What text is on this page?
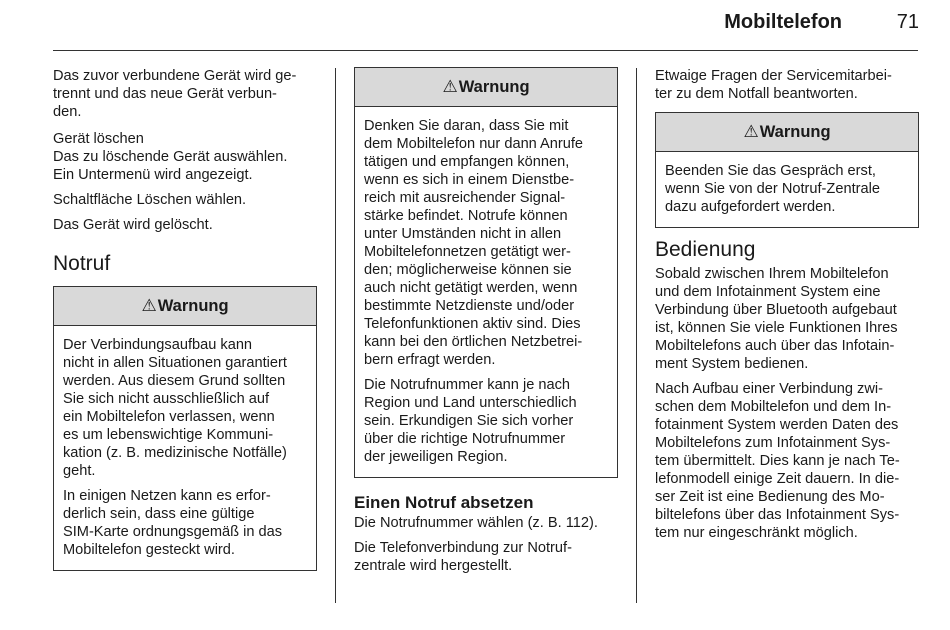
Mobiltelefon	71

Das zuvor verbundene Gerät wird ge-
trennt und das neue Gerät verbun-
den.

Gerät löschen

Das zu löschende Gerät auswählen.
Ein Untermenü wird angezeigt.

Schaltfläche Löschen wählen.

Das Gerät wird gelöscht.

Notruf
⚠Warnung

Der Verbindungsaufbau kann
nicht in allen Situationen garantiert
werden. Aus diesem Grund sollten
Sie sich nicht ausschließlich auf
ein Mobiltelefon verlassen, wenn
es um lebenswichtige Kommuni-
kation (z. B. medizinische Notfälle)
geht.

In einigen Netzen kann es erfor-
derlich sein, dass eine gültige
SIM-Karte ordnungsgemäß in das
Mobiltelefon gesteckt wird.

⚠Warnung

Denken Sie daran, dass Sie mit
dem Mobiltelefon nur dann Anrufe
tätigen und empfangen können,
wenn es sich in einem Dienstbe-
reich mit ausreichender Signal-
stärke befindet. Notrufe können
unter Umständen nicht in allen
Mobiltelefonnetzen getätigt wer-
den; möglicherweise können sie
auch nicht getätigt werden, wenn
bestimmte Netzdienste und/oder
Telefonfunktionen aktiv sind. Dies
kann bei den örtlichen Netzbetrei-
bern erfragt werden.

Die Notrufnummer kann je nach
Region und Land unterschiedlich
sein. Erkundigen Sie sich vorher
über die richtige Notrufnummer
der jeweiligen Region.

Einen Notruf absetzen

Die Notrufnummer wählen (z. B. 112).

Die Telefonverbindung zur Notruf-
zentrale wird hergestellt.

Etwaige Fragen der Servicemitarbei-
ter zu dem Notfall beantworten.

⚠Warnung

Beenden Sie das Gespräch erst,
wenn Sie von der Notruf-Zentrale
dazu aufgefordert werden.

Bedienung

Sobald zwischen Ihrem Mobiltelefon
und dem Infotainment System eine
Verbindung über Bluetooth aufgebaut
ist, können Sie viele Funktionen Ihres
Mobiltelefons auch über das Infotain-
ment System bedienen.

Nach Aufbau einer Verbindung zwi-
schen dem Mobiltelefon und dem In-
fotainment System werden Daten des
Mobiltelefons zum Infotainment Sys-
tem übermittelt. Dies kann je nach Te-
lefonmodell einige Zeit dauern. In die-
ser Zeit ist eine Bedienung des Mo-
biltelefons über das Infotainment Sys-
tem nur eingeschränkt möglich.
